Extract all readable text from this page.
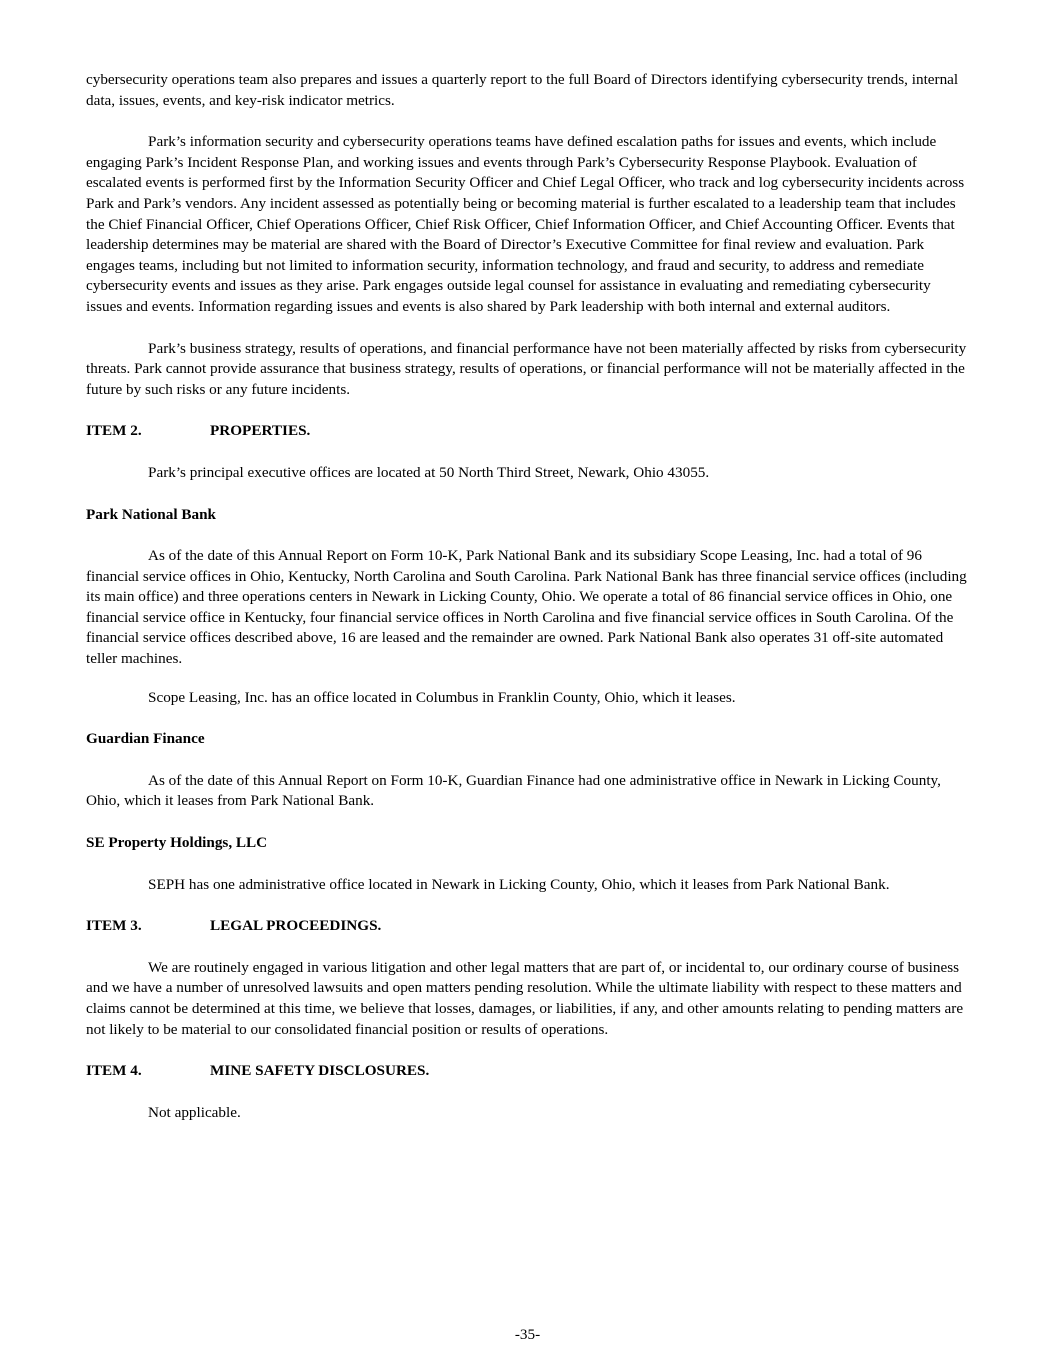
cybersecurity operations team also prepares and issues a quarterly report to the full Board of Directors identifying cybersecurity trends, internal data, issues, events, and key-risk indicator metrics.

Park’s information security and cybersecurity operations teams have defined escalation paths for issues and events, which include engaging Park’s Incident Response Plan, and working issues and events through Park’s Cybersecurity Response Playbook. Evaluation of escalated events is performed first by the Information Security Officer and Chief Legal Officer, who track and log cybersecurity incidents across Park and Park’s vendors. Any incident assessed as potentially being or becoming material is further escalated to a leadership team that includes the Chief Financial Officer, Chief Operations Officer, Chief Risk Officer, Chief Information Officer, and Chief Accounting Officer. Events that leadership determines may be material are shared with the Board of Director’s Executive Committee for final review and evaluation. Park engages teams, including but not limited to information security, information technology, and fraud and security, to address and remediate cybersecurity events and issues as they arise. Park engages outside legal counsel for assistance in evaluating and remediating cybersecurity issues and events. Information regarding issues and events is also shared by Park leadership with both internal and external auditors.

Park’s business strategy, results of operations, and financial performance have not been materially affected by risks from cybersecurity threats. Park cannot provide assurance that business strategy, results of operations, or financial performance will not be materially affected in the future by such risks or any future incidents.

ITEM 2.	PROPERTIES.

Park’s principal executive offices are located at 50 North Third Street, Newark, Ohio 43055.

Park National Bank

As of the date of this Annual Report on Form 10-K, Park National Bank and its subsidiary Scope Leasing, Inc. had a total of 96 financial service offices in Ohio, Kentucky, North Carolina and South Carolina. Park National Bank has three financial service offices (including its main office) and three operations centers in Newark in Licking County, Ohio. We operate a total of 86 financial service offices in Ohio, one financial service office in Kentucky, four financial service offices in North Carolina and five financial service offices in South Carolina. Of the financial service offices described above, 16 are leased and the remainder are owned. Park National Bank also operates 31 off-site automated teller machines.

Scope Leasing, Inc. has an office located in Columbus in Franklin County, Ohio, which it leases.

Guardian Finance

As of the date of this Annual Report on Form 10-K, Guardian Finance had one administrative office in Newark in Licking County, Ohio, which it leases from Park National Bank.

SE Property Holdings, LLC

SEPH has one administrative office located in Newark in Licking County, Ohio, which it leases from Park National Bank.

ITEM 3.	LEGAL PROCEEDINGS.

We are routinely engaged in various litigation and other legal matters that are part of, or incidental to, our ordinary course of business and we have a number of unresolved lawsuits and open matters pending resolution. While the ultimate liability with respect to these matters and claims cannot be determined at this time, we believe that losses, damages, or liabilities, if any, and other amounts relating to pending matters are not likely to be material to our consolidated financial position or results of operations.

ITEM 4.	MINE SAFETY DISCLOSURES.

Not applicable.

-35-
